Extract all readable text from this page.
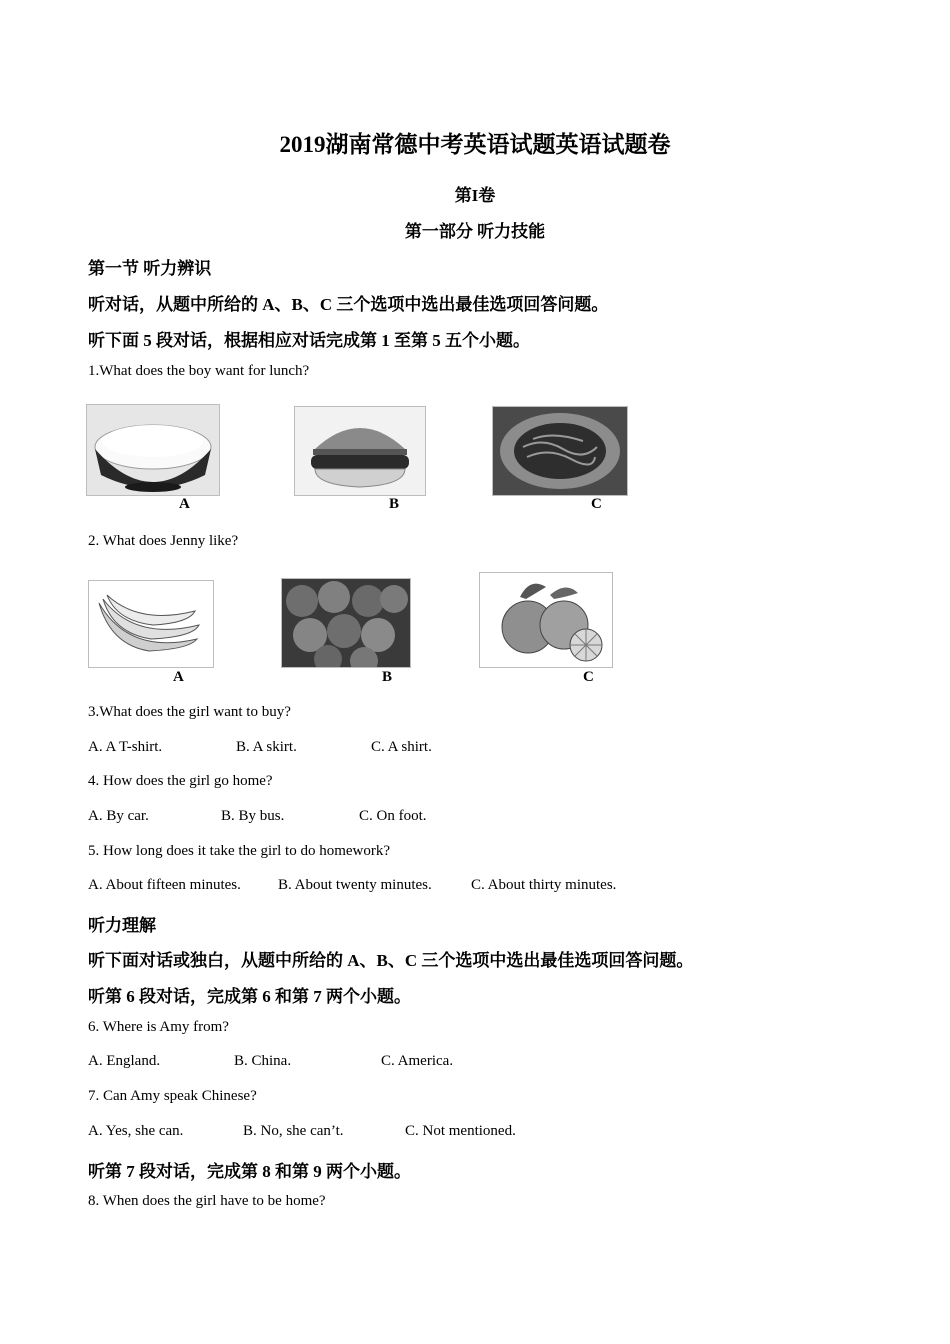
2019湖南常德中考英语试题英语试题卷
第I卷
第一部分 听力技能
第一节 听力辨识
听对话，从题中所给的 A、B、C 三个选项中选出最佳选项回答问题。
听下面 5 段对话，根据相应对话完成第 1 至第 5 五个小题。
1.What does the boy want for lunch?
A	B	C
2. What does Jenny like?
A	B	C
3.What does the girl want to buy?
A. A T-shirt.	B. A skirt.	C. A shirt.
4. How does the girl go home?
A. By car.	B. By bus.	C. On foot.
5. How long does it take the girl to do homework?
A. About fifteen minutes. B. About twenty minutes.	C. About thirty minutes.
听力理解
听下面对话或独白，从题中所给的 A、B、C 三个选项中选出最佳选项回答问题。
听第 6 段对话，完成第 6 和第 7 两个小题。
6. Where is Amy from?
A. England.	B. China.	C. America.
7. Can Amy speak Chinese?
A. Yes, she can.	B. No, she can’t.	C. Not mentioned.
听第 7 段对话，完成第 8 和第 9 两个小题。
8. When does the girl have to be home?
